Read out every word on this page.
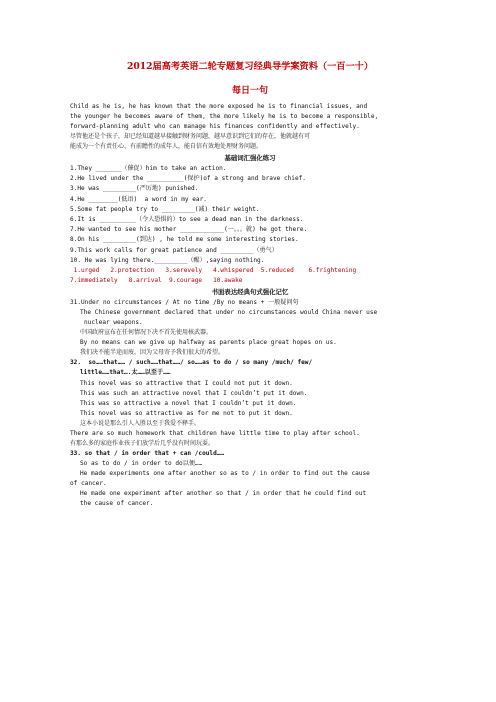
2012届高考英语二轮专题复习经典导学案资料（一百一十）

每日一句

Child as he is, he has known that the more exposed he is to financial issues, and

the younger he becomes aware of them, the more likely he is to become a responsible,

forward-planning adult who can manage his finances confidently and effectively.

尽管他还是个孩子，却已经知道越早接触到财务问题，越早意识到它们的存在，他就越有可

能成为一个有责任心、有前瞻性的成年人，能自信有效地处理财务问题。

基础词汇强化练习

1.They _______（催促）him to take an action.

2.He lived under the __________(保护)of a strong and brave chief.

3.He was _________(严厉地) punished.

4.He ________(低语)  a word in my ear.

5.Some fat people try to _________(减) their weight.

6.It is __________（令人恐惧的）to see a dead man in the darkness.

7.He wanted to see his mother ____________(一。。。就) he got there.

8.On his _________(到达) , he told me some interesting stories.

9.This work calls for great patience and _________（勇气）

10. He was lying there._________（醒）,saying nothing.

1.urged   2.protection   3.serevely   4.whispered  5.reduced    6.frightening

7.immediately   8.arrival  9.courage   10.awake

书面表达经典句式强化记忆

31.Under no circumstances / At no time /By no means + 一般疑问句

The Chinese government declared that under no circumstances would China never use

nuclear weapons.

中国政府宣布在任何情况下决不首先使用核武器。

By no means can we give up halfway as parents place great hopes on us.

我们决不能半途而废，因为父母寄予我们很大的希望。

32.  so……that…… / such……that……/ so……as to do / so many /much/ few/

little……that….太……以至于……

This novel was so attractive that I could not put it down.

This was such an attractive novel that I couldn’t put it down.

This was so attractive a novel that I couldn’t put it down.

This novel was so attractive as for me not to put it down.

这本小说是那么引人入胜以至于我爱不释手。

There are so much homework that children have little time to play after school.

有那么多的家庭作业孩子们放学后几乎没有时间玩耍。

33. so that / in order that + can /could……

So as to do / in order to do以便……

He made experiments one after another so as to / in order to find out the cause

of cancer.

He made one experiment after another so that / in order that he could find out

the cause of cancer.
